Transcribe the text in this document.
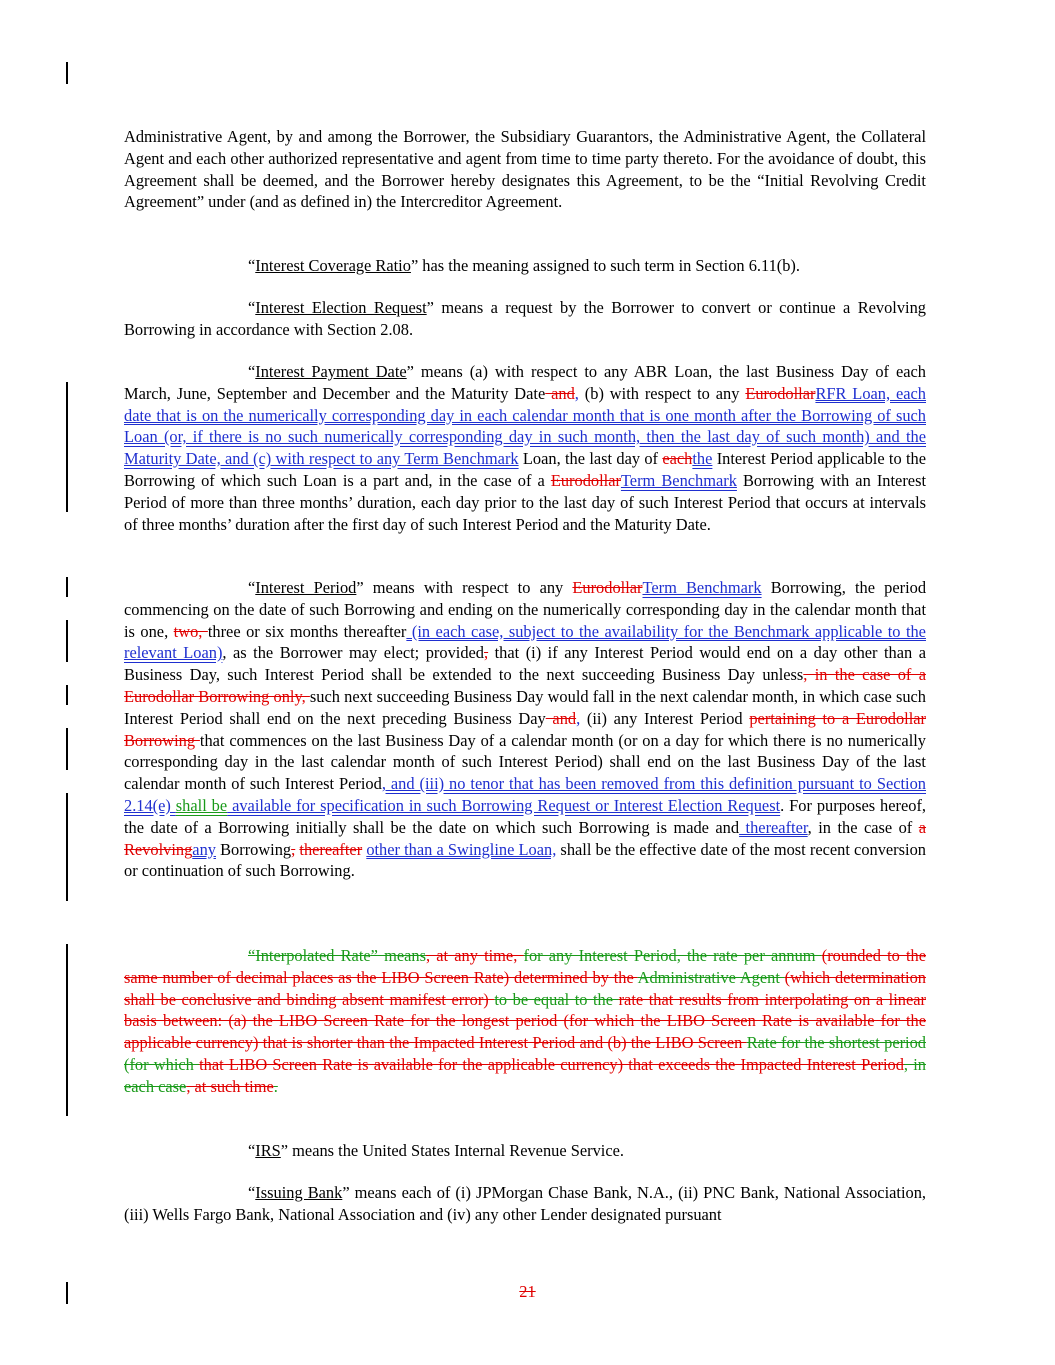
Administrative Agent, by and among the Borrower, the Subsidiary Guarantors, the Administrative Agent, the Collateral Agent and each other authorized representative and agent from time to time party thereto. For the avoidance of doubt, this Agreement shall be deemed, and the Borrower hereby designates this Agreement, to be the “Initial Revolving Credit Agreement” under (and as defined in) the Intercreditor Agreement.

“Interest Coverage Ratio” has the meaning assigned to such term in Section 6.11(b).

“Interest Election Request” means a request by the Borrower to convert or continue a Revolving Borrowing in accordance with Section 2.08.

“Interest Payment Date” means (a) with respect to any ABR Loan, the last Business Day of each March, June, September and December and the Maturity Date and, (b) with respect to any EurodollarRFR Loan, each date that is on the numerically corresponding day in each calendar month that is one month after the Borrowing of such Loan (or, if there is no such numerically corresponding day in such month, then the last day of such month) and the Maturity Date, and (c) with respect to any Term Benchmark Loan, the last day of eachthe Interest Period applicable to the Borrowing of which such Loan is a part and, in the case of a EurodollarTerm Benchmark Borrowing with an Interest Period of more than three months’ duration, each day prior to the last day of such Interest Period that occurs at intervals of three months’ duration after the first day of such Interest Period and the Maturity Date.

“Interest Period” means with respect to any EurodollarTerm Benchmark Borrowing, the period commencing on the date of such Borrowing and ending on the numerically corresponding day in the calendar month that is one, two, three or six months thereafter (in each case, subject to the availability for the Benchmark applicable to the relevant Loan), as the Borrower may elect; provided, that (i) if any Interest Period would end on a day other than a Business Day, such Interest Period shall be extended to the next succeeding Business Day unless, in the case of a Eurodollar Borrowing only, such next succeeding Business Day would fall in the next calendar month, in which case such Interest Period shall end on the next preceding Business Day and, (ii) any Interest Period pertaining to a Eurodollar Borrowing that commences on the last Business Day of a calendar month (or on a day for which there is no numerically corresponding day in the last calendar month of such Interest Period) shall end on the last Business Day of the last calendar month of such Interest Period, and (iii) no tenor that has been removed from this definition pursuant to Section 2.14(e) shall be available for specification in such Borrowing Request or Interest Election Request. For purposes hereof, the date of a Borrowing initially shall be the date on which such Borrowing is made and thereafter, in the case of a Revolvingany Borrowing, thereafter other than a Swingline Loan, shall be the effective date of the most recent conversion or continuation of such Borrowing.

“Interpolated Rate” means, at any time, for any Interest Period, the rate per annum (rounded to the same number of decimal places as the LIBO Screen Rate) determined by the Administrative Agent (which determination shall be conclusive and binding absent manifest error) to be equal to the rate that results from interpolating on a linear basis between: (a) the LIBO Screen Rate for the longest period (for which the LIBO Screen Rate is available for the applicable currency) that is shorter than the Impacted Interest Period and (b) the LIBO Screen Rate for the shortest period (for which that LIBO Screen Rate is available for the applicable currency) that exceeds the Impacted Interest Period, in each case, at such time.

“IRS” means the United States Internal Revenue Service.

“Issuing Bank” means each of (i) JPMorgan Chase Bank, N.A., (ii) PNC Bank, National Association, (iii) Wells Fargo Bank, National Association and (iv) any other Lender designated pursuant

21
